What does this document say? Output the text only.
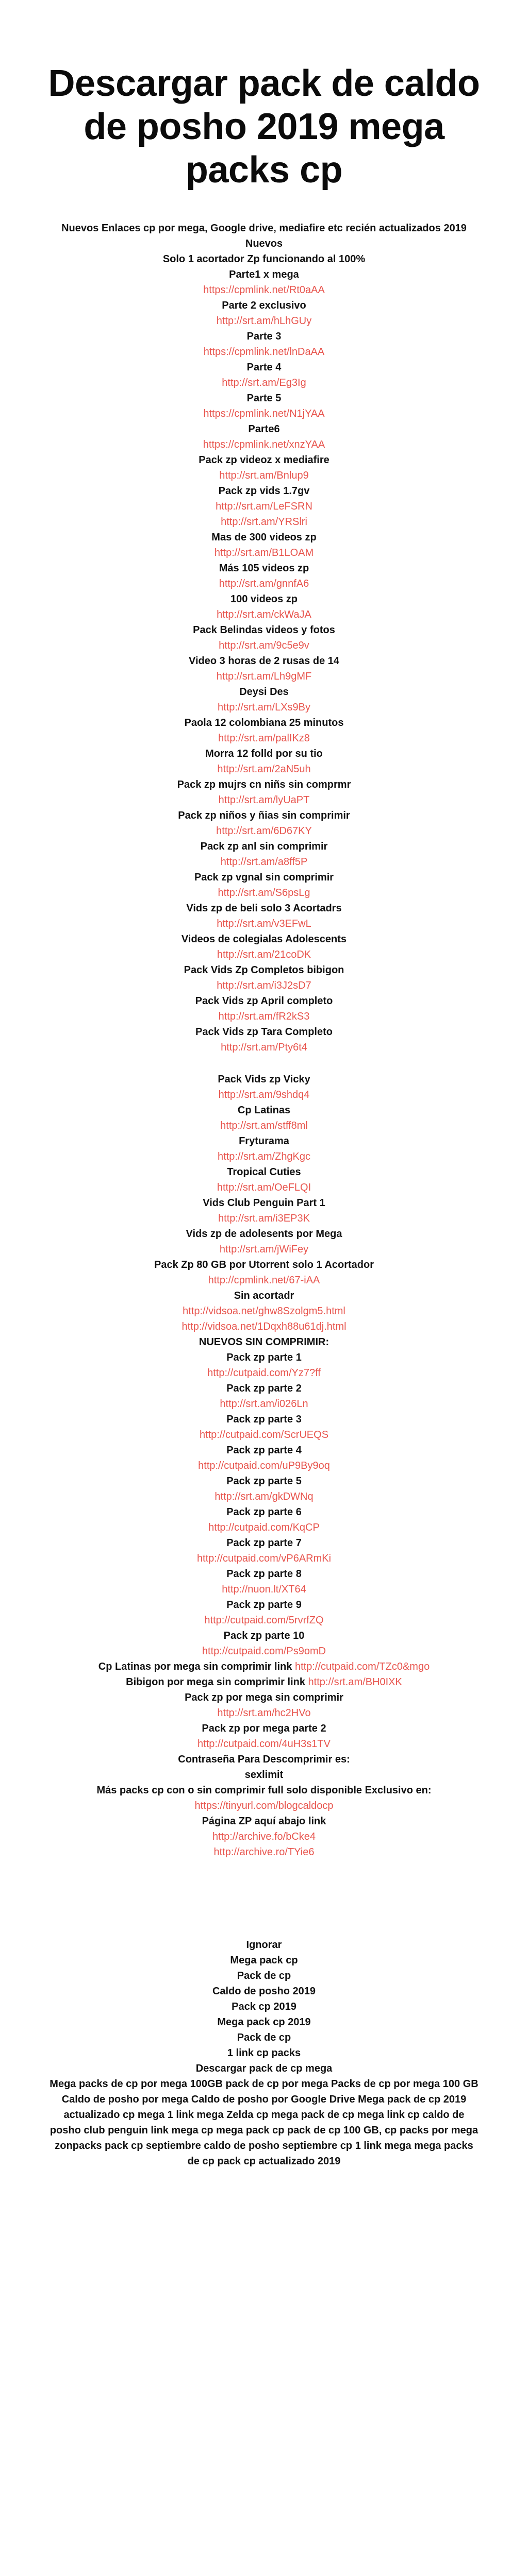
Descargar pack de caldo de posho 2019 mega packs cp

Nuevos Enlaces cp por mega, Google drive, mediafire etc recién actualizados 2019

Nuevos

Solo 1 acortador Zp funcionando al 100%

Parte1 x mega

https://cpmlink.net/Rt0aAA

Parte 2 exclusivo

http://srt.am/hLhGUy

Parte 3

https://cpmlink.net/lnDaAA

Parte 4

http://srt.am/Eg3Ig

Parte 5

https://cpmlink.net/N1jYAA

Parte6

https://cpmlink.net/xnzYAA

Pack zp videoz x mediafire

http://srt.am/Bnlup9

Pack zp vids 1.7gv

http://srt.am/LeFSRN

http://srt.am/YRSlri

Mas de 300 videos zp

http://srt.am/B1LOAM

Más 105 videos zp

http://srt.am/gnnfA6

100 videos zp

http://srt.am/ckWaJA

Pack Belindas videos y fotos

http://srt.am/9c5e9v

Video 3 horas de 2 rusas de 14

http://srt.am/Lh9gMF

Deysi Des

http://srt.am/LXs9By

Paola 12 colombiana 25 minutos

http://srt.am/palIKz8

Morra 12 folld por su tio

http://srt.am/2aN5uh

Pack zp mujrs cn niñs sin comprmr

http://srt.am/lyUaPT

Pack zp niños y ñias sin comprimir

http://srt.am/6D67KY

Pack zp anl sin comprimir

http://srt.am/a8ff5P

Pack zp vgnal sin comprimir

http://srt.am/S6psLg

Vids zp de beli solo 3 Acortadrs

http://srt.am/v3EFwL

Videos de colegialas Adolescents

http://srt.am/21coDK

Pack Vids Zp Completos bibigon

http://srt.am/i3J2sD7

Pack Vids zp April completo

http://srt.am/fR2kS3

Pack Vids zp Tara Completo

http://srt.am/Pty6t4

Pack Vids zp Vicky

http://srt.am/9shdq4

Cp Latinas

http://srt.am/stff8ml

Fryturama

http://srt.am/ZhgKgc

Tropical Cuties

http://srt.am/OeFLQI

Vids Club Penguin Part 1

http://srt.am/i3EP3K

Vids zp de adolesents por Mega

http://srt.am/jWiFey

Pack Zp 80 GB por Utorrent solo 1 Acortador

http://cpmlink.net/67-iAA

Sin acortadr

http://vidsoa.net/ghw8Szolgm5.html

http://vidsoa.net/1Dqxh88u61dj.html

NUEVOS SIN COMPRIMIR:

Pack zp parte 1

http://cutpaid.com/Yz7?ff

Pack zp parte 2

http://srt.am/i026Ln

Pack zp parte 3

http://cutpaid.com/ScrUEQS

Pack zp parte 4

http://cutpaid.com/uP9By9oq

Pack zp parte 5

http://srt.am/gkDWNq

Pack zp parte 6

http://cutpaid.com/KqCP

Pack zp parte 7

http://cutpaid.com/vP6ARmKi

Pack zp parte 8

http://nuon.lt/XT64

Pack zp parte 9

http://cutpaid.com/5rvrfZQ

Pack zp parte 10

http://cutpaid.com/Ps9omD

Cp Latinas por mega sin comprimir link http://cutpaid.com/TZc0&mgo

Bibigon por mega sin comprimir link http://srt.am/BH0IXK

Pack zp por mega sin comprimir

http://srt.am/hc2HVo

Pack zp por mega parte 2

http://cutpaid.com/4uH3s1TV

Contraseña Para Descomprimir es:

sexlimit

Más packs cp con o sin comprimir full solo disponible Exclusivo en:

https://tinyurl.com/blogcaldocp

Página ZP aquí abajo link

http://archive.fo/bCke4

http://archive.ro/TYie6

Ignorar

Mega pack cp

Pack de cp

Caldo de posho 2019

Pack cp 2019

Mega pack cp 2019

Pack de cp

1 link cp packs

Descargar pack de cp mega

Mega packs de cp por mega 100GB pack de cp por mega Packs de cp por mega 100 GB Caldo de posho por mega Caldo de posho por Google Drive Mega pack de cp 2019

actualizado cp mega 1 link mega Zelda cp mega pack de cp mega link cp caldo de posho club penguin link mega cp mega pack cp pack de cp 100 GB, cp packs por mega zonpacks pack cp septiembre caldo de posho septiembre cp 1 link mega mega packs de cp pack cp actualizado 2019
